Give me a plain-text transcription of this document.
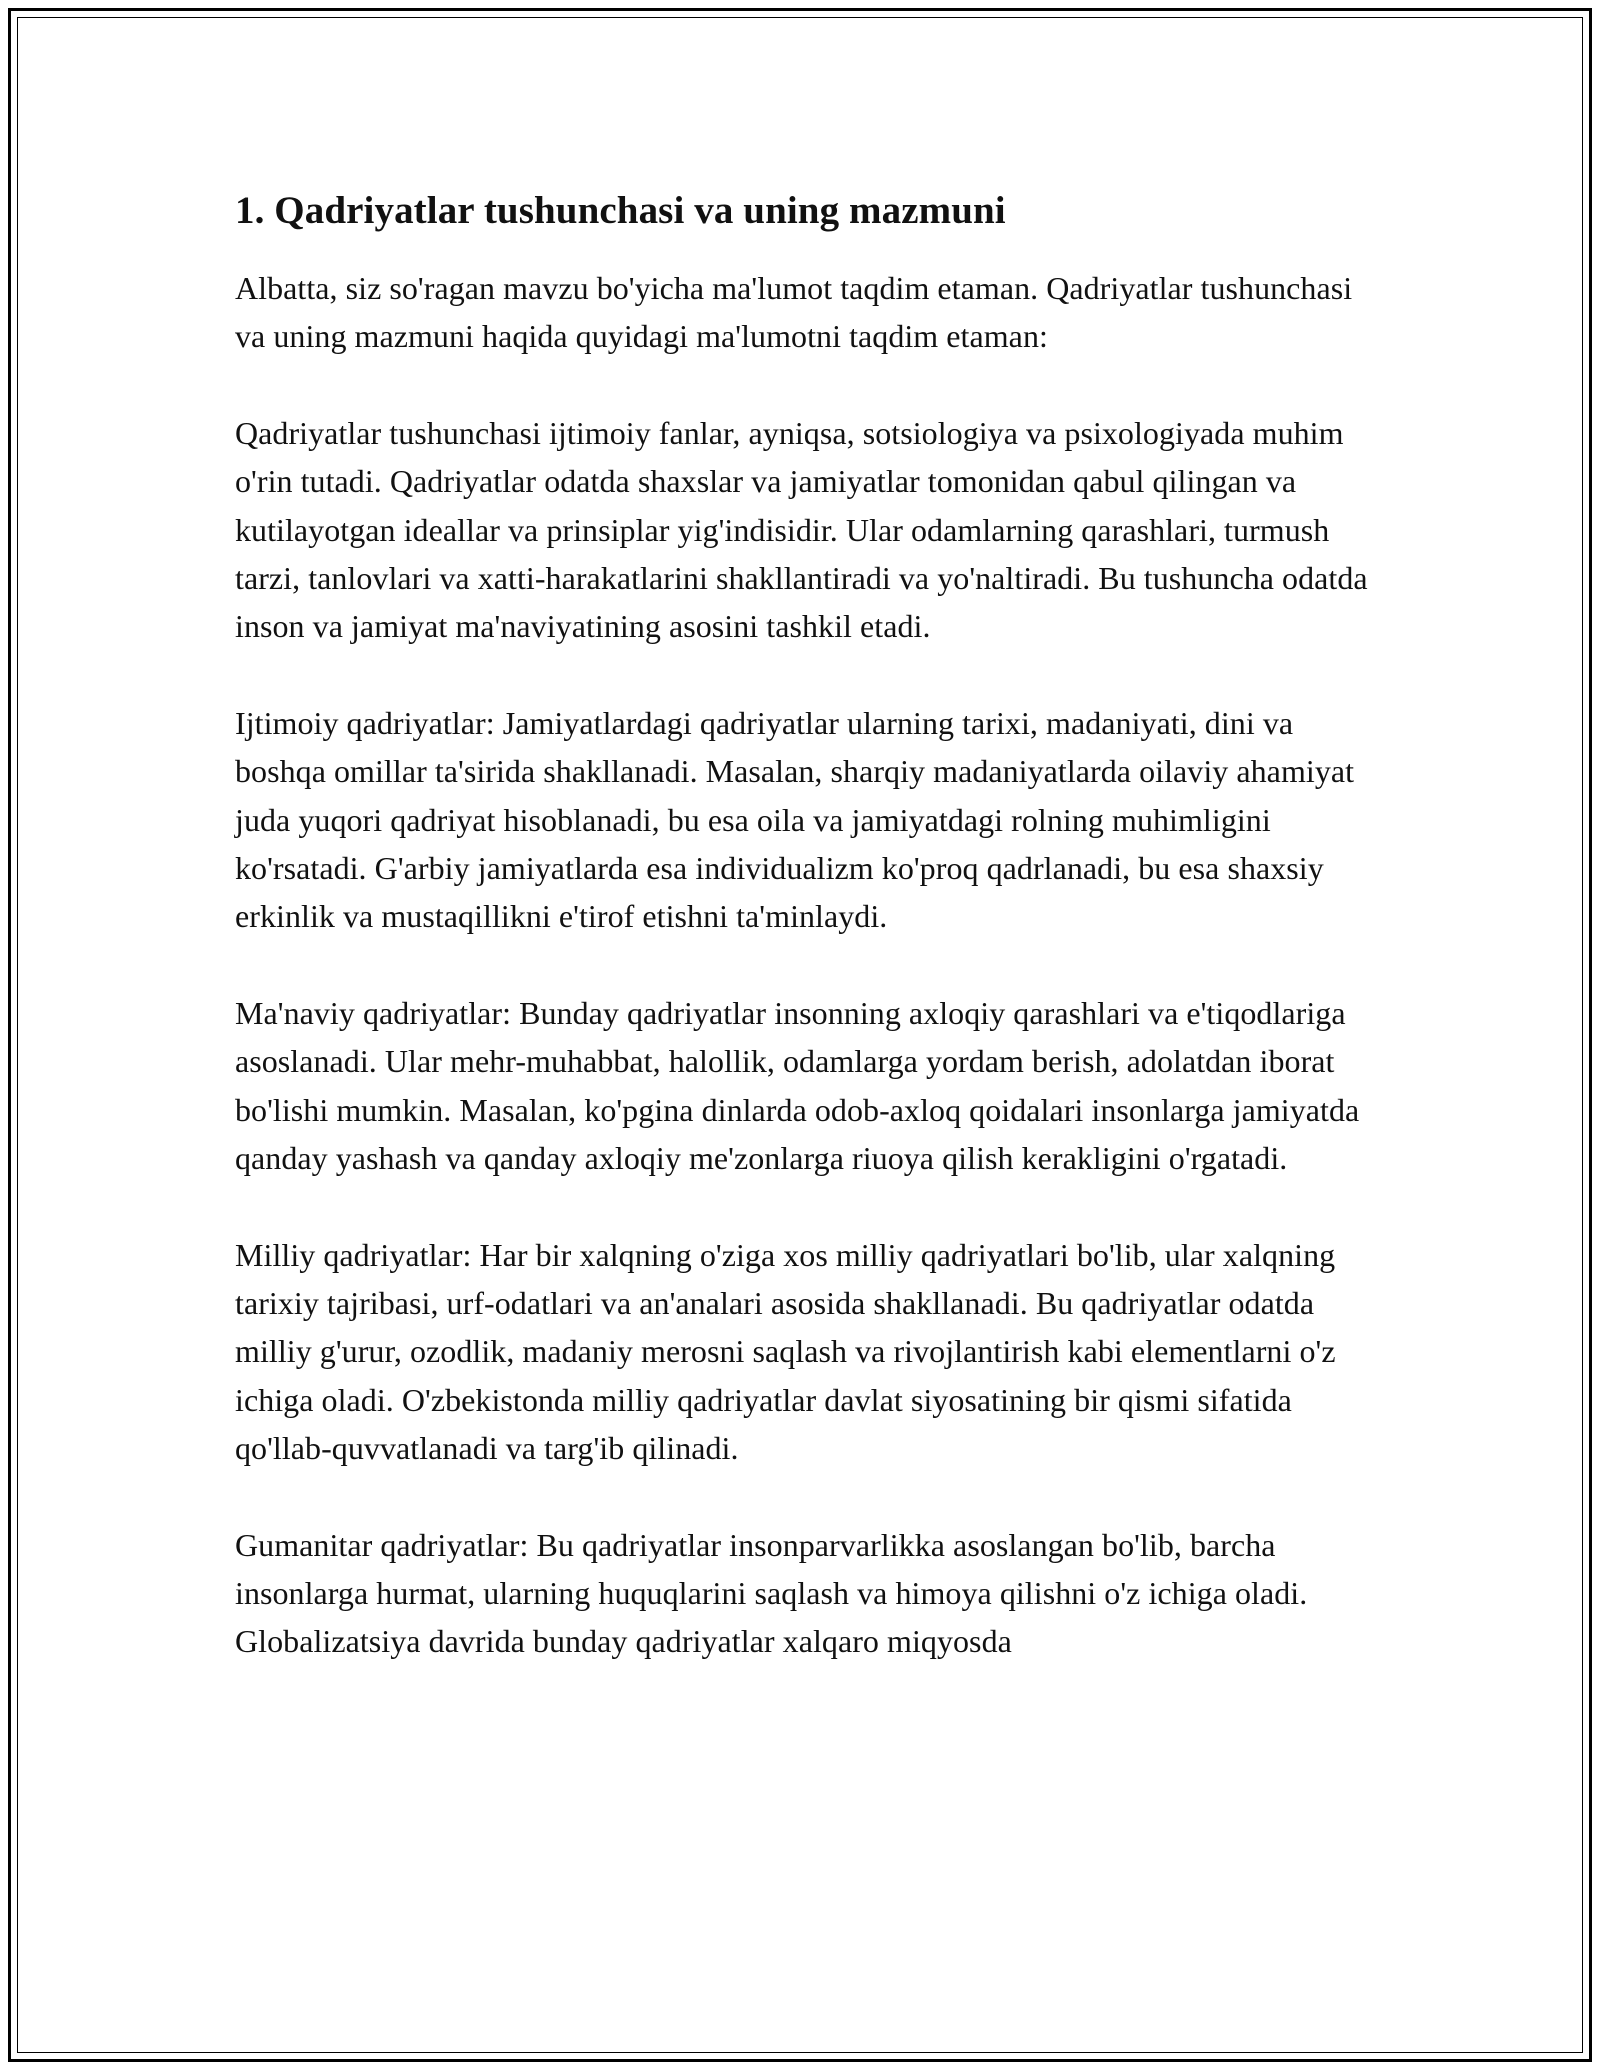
1. Qadriyatlar tushunchasi va uning mazmuni

Albatta, siz so'ragan mavzu bo'yicha ma'lumot taqdim etaman. Qadriyatlar tushunchasi va uning mazmuni haqida quyidagi ma'lumotni taqdim etaman:

Qadriyatlar tushunchasi ijtimoiy fanlar, ayniqsa, sotsiologiya va psixologiyada muhim o'rin tutadi. Qadriyatlar odatda shaxslar va jamiyatlar tomonidan qabul qilingan va kutilayotgan ideallar va prinsiplar yig'indisidir. Ular odamlarning qarashlari, turmush tarzi, tanlovlari va xatti-harakatlarini shakllantiradi va yo'naltiradi. Bu tushuncha odatda inson va jamiyat ma'naviyatining asosini tashkil etadi.

Ijtimoiy qadriyatlar: Jamiyatlardagi qadriyatlar ularning tarixi, madaniyati, dini va boshqa omillar ta'sirida shakllanadi. Masalan, sharqiy madaniyatlarda oilaviy ahamiyat juda yuqori qadriyat hisoblanadi, bu esa oila va jamiyatdagi rolning muhimligini ko'rsatadi. G'arbiy jamiyatlarda esa individualizm ko'proq qadrlanadi, bu esa shaxsiy erkinlik va mustaqillikni e'tirof etishni ta'minlaydi.

Ma'naviy qadriyatlar: Bunday qadriyatlar insonning axloqiy qarashlari va e'tiqodlariga asoslanadi. Ular mehr-muhabbat, halollik, odamlarga yordam berish, adolatdan iborat bo'lishi mumkin. Masalan, ko'pgina dinlarda odob-axloq qoidalari insonlarga jamiyatda qanday yashash va qanday axloqiy me'zonlarga riuoya qilish kerakligini o'rgatadi.

Milliy qadriyatlar: Har bir xalqning o'ziga xos milliy qadriyatlari bo'lib, ular xalqning tarixiy tajribasi, urf-odatlari va an'analari asosida shakllanadi. Bu qadriyatlar odatda milliy g'urur, ozodlik, madaniy merosni saqlash va rivojlantirish kabi elementlarni o'z ichiga oladi. O'zbekistonda milliy qadriyatlar davlat siyosatining bir qismi sifatida qo'llab-quvvatlanadi va targ'ib qilinadi.

Gumanitar qadriyatlar: Bu qadriyatlar insonparvarlikka asoslangan bo'lib, barcha insonlarga hurmat, ularning huquqlarini saqlash va himoya qilishni o'z ichiga oladi. Globalizatsiya davrida bunday qadriyatlar xalqaro miqyosda
